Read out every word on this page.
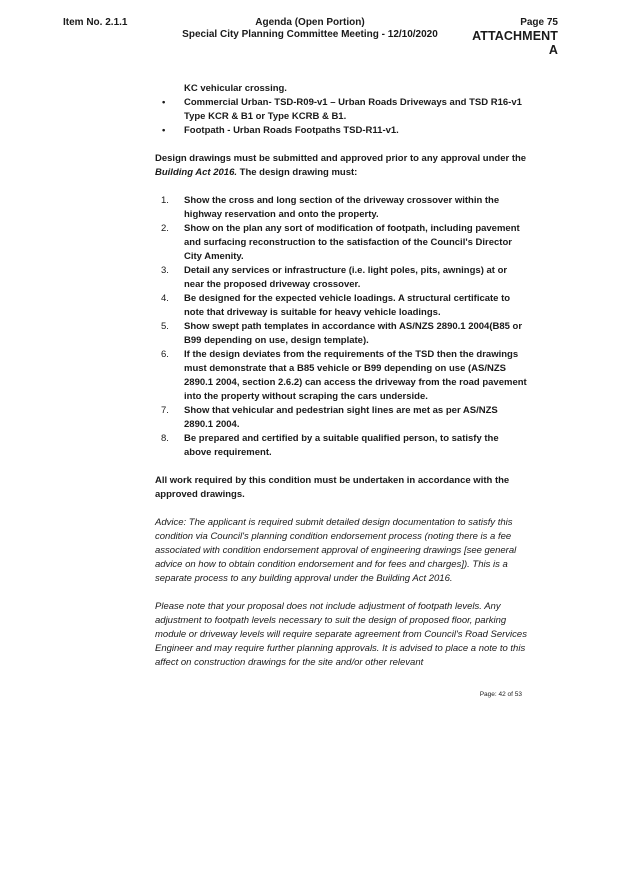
Item No. 2.1.1	Agenda (Open Portion)
Special City Planning Committee Meeting - 12/10/2020
Page 75
ATTACHMENT A
KC vehicular crossing.
• Commercial Urban- TSD-R09-v1 – Urban Roads Driveways and TSD R16-v1 Type KCR & B1 or Type KCRB & B1.
• Footpath - Urban Roads Footpaths TSD-R11-v1.

Design drawings must be submitted and approved prior to any approval under the Building Act 2016. The design drawing must:

1. Show the cross and long section of the driveway crossover within the highway reservation and onto the property.
2. Show on the plan any sort of modification of footpath, including pavement and surfacing reconstruction to the satisfaction of the Council's Director City Amenity.
3. Detail any services or infrastructure (i.e. light poles, pits, awnings) at or near the proposed driveway crossover.
4. Be designed for the expected vehicle loadings. A structural certificate to note that driveway is suitable for heavy vehicle loadings.
5. Show swept path templates in accordance with AS/NZS 2890.1 2004(B85 or B99 depending on use, design template).
6. If the design deviates from the requirements of the TSD then the drawings must demonstrate that a B85 vehicle or B99 depending on use (AS/NZS 2890.1 2004, section 2.6.2) can access the driveway from the road pavement into the property without scraping the cars underside.
7. Show that vehicular and pedestrian sight lines are met as per AS/NZS 2890.1 2004.
8. Be prepared and certified by a suitable qualified person, to satisfy the above requirement.

All work required by this condition must be undertaken in accordance with the approved drawings.

Advice: The applicant is required submit detailed design documentation to satisfy this condition via Council's planning condition endorsement process (noting there is a fee associated with condition endorsement approval of engineering drawings [see general advice on how to obtain condition endorsement and for fees and charges]). This is a separate process to any building approval under the Building Act 2016.

Please note that your proposal does not include adjustment of footpath levels. Any adjustment to footpath levels necessary to suit the design of proposed floor, parking module or driveway levels will require separate agreement from Council's Road Services Engineer and may require further planning approvals. It is advised to place a note to this affect on construction drawings for the site and/or other relevant

Page: 42 of 53
